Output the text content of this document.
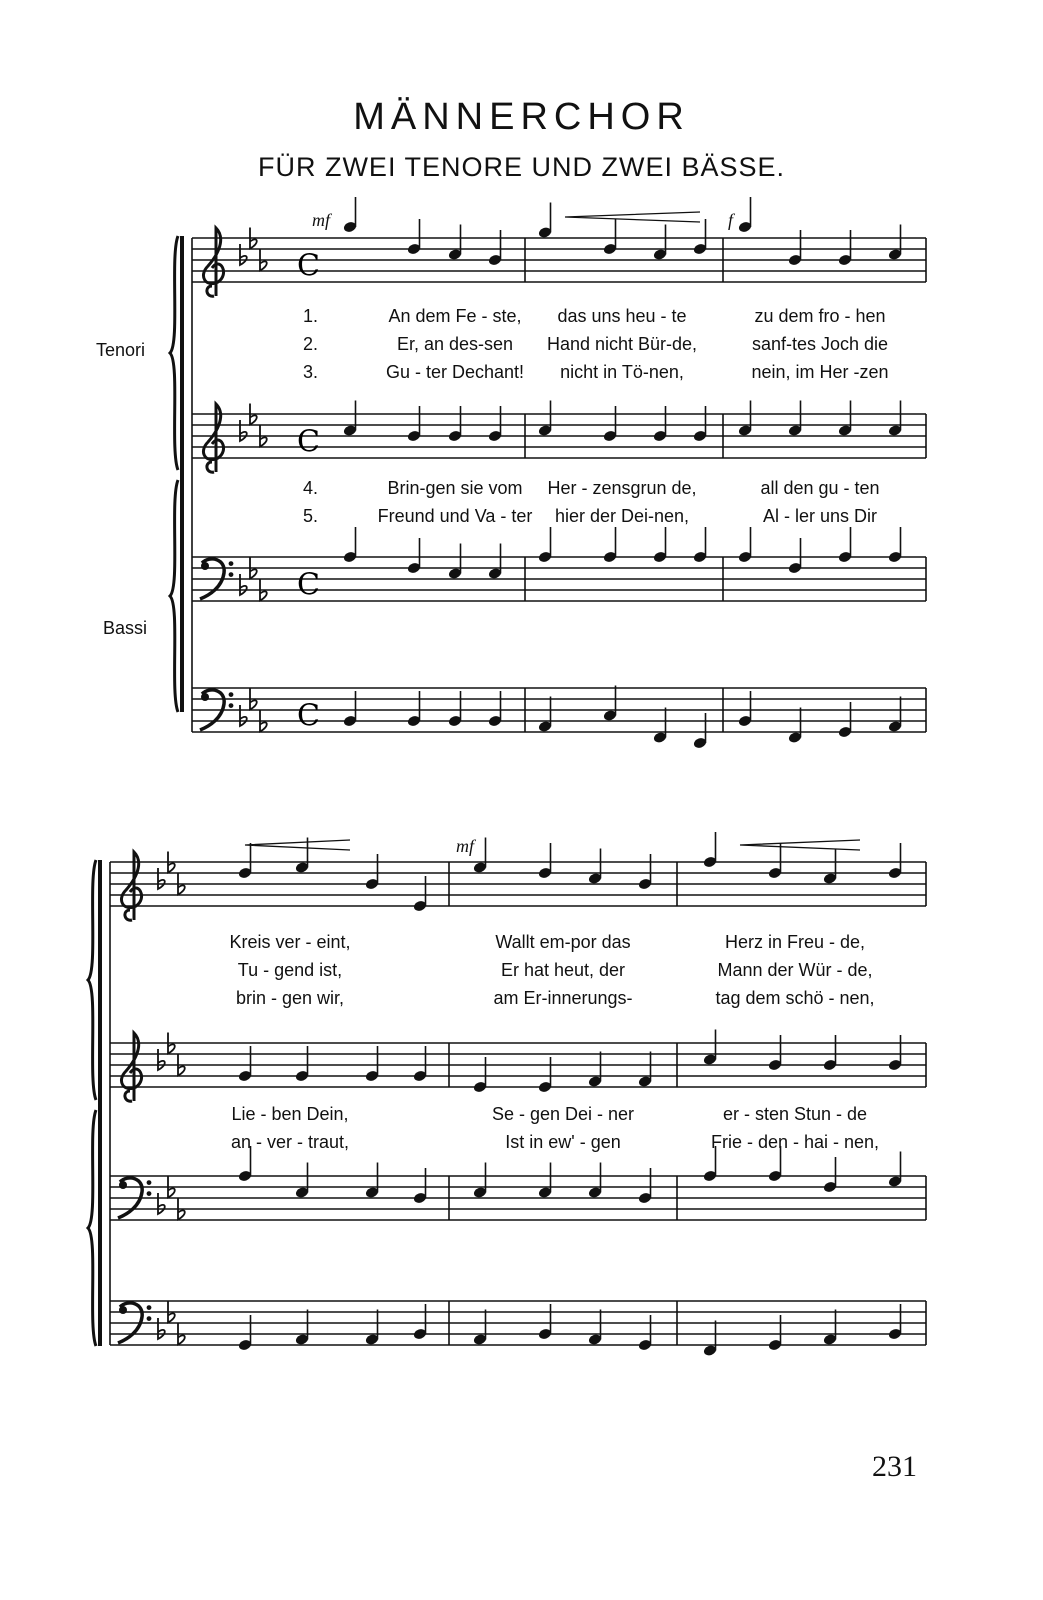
MÄNNERCHOR
FÜR ZWEI TENORE UND ZWEI BÄSSE.
Tenori
Bassi
C
C
C
C
mf	f
1.	An dem Fe - ste, das uns heu - te	zu dem fro - hen
2.	Er, an des-sen Hand nicht Bür-de,	sanf-tes Joch die
3.	Gu - ter Dechant! nicht in Tö-nen,	nein, im Her -zen
4.	Brin-gen sie vom Her - zensgrun de,	all den gu - ten
5.	Freund und Va - ter hier der Dei-nen,	Al - ler uns Dir
mf
Kreis ver - eint,	Wallt em-por das	Herz in Freu - de,
Tu - gend ist,	Er hat heut, der	Mann der Wür - de,
brin - gen wir,	am Er-innerungs-	tag dem schö - nen,
Lie - ben Dein,	Se - gen Dei - ner	er - sten Stun - de
an - ver - traut,	Ist in ew' - gen	Frie - den - hai - nen,
231
